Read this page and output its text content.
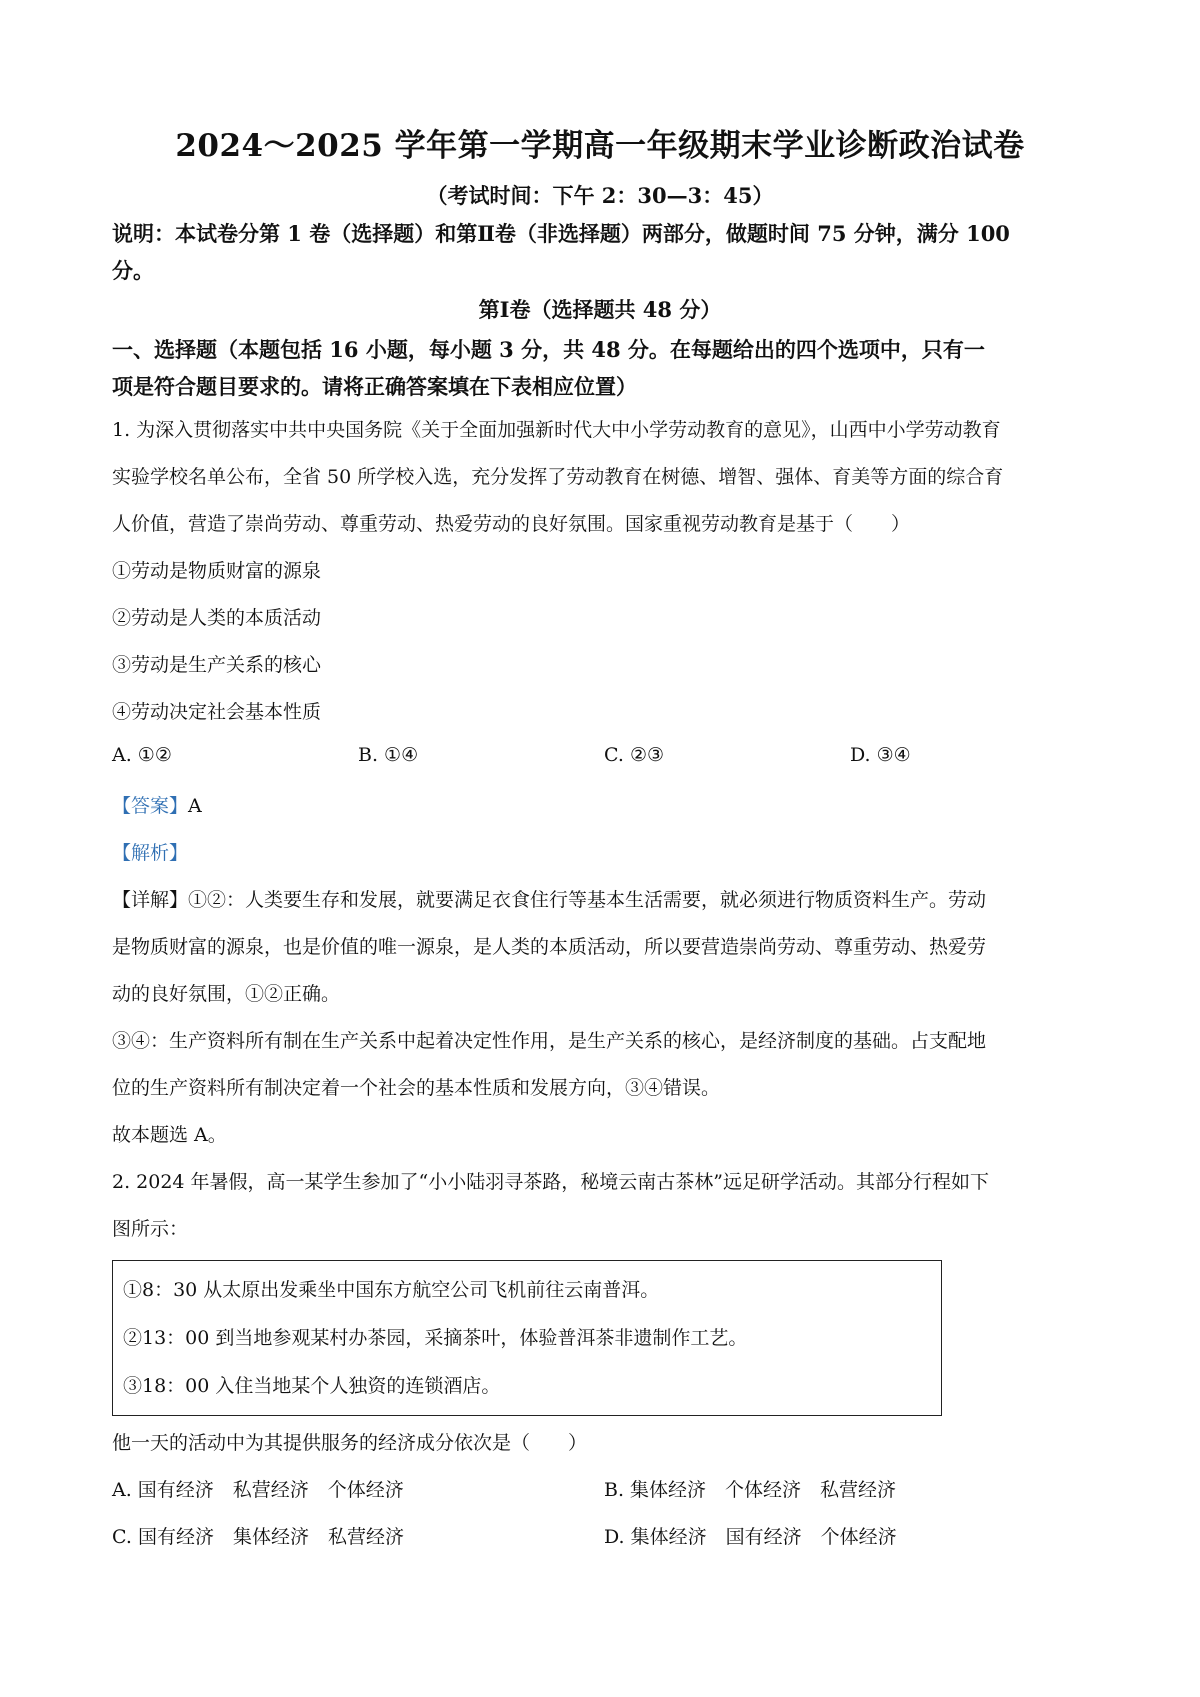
2024～2025 学年第一学期高一年级期末学业诊断政治试卷
（考试时间：下午 2：30—3：45）
说明：本试卷分第 1 卷（选择题）和第Ⅱ卷（非选择题）两部分，做题时间 75 分钟，满分 100
分。
第Ⅰ卷（选择题共 48 分）
一、选择题（本题包括 16 小题，每小题 3 分，共 48 分。在每题给出的四个选项中，只有一
项是符合题目要求的。请将正确答案填在下表相应位置）
1. 为深入贯彻落实中共中央国务院《关于全面加强新时代大中小学劳动教育的意见》，山西中小学劳动教育
实验学校名单公布，全省 50 所学校入选，充分发挥了劳动教育在树德、增智、强体、育美等方面的综合育
人价值，营造了崇尚劳动、尊重劳动、热爱劳动的良好氛围。国家重视劳动教育是基于（　　）
①劳动是物质财富的源泉
②劳动是人类的本质活动
③劳动是生产关系的核心
④劳动决定社会基本性质
A. ①②	B. ①④	C. ②③	D. ③④
【答案】A
【解析】
【详解】①②：人类要生存和发展，就要满足衣食住行等基本生活需要，就必须进行物质资料生产。劳动
是物质财富的源泉，也是价值的唯一源泉，是人类的本质活动，所以要营造崇尚劳动、尊重劳动、热爱劳
动的良好氛围，①②正确。
③④：生产资料所有制在生产关系中起着决定性作用，是生产关系的核心，是经济制度的基础。占支配地
位的生产资料所有制决定着一个社会的基本性质和发展方向，③④错误。
故本题选 A。
2. 2024 年暑假，高一某学生参加了“小小陆羽寻茶路，秘境云南古茶林”远足研学活动。其部分行程如下
图所示：
①8：30 从太原出发乘坐中国东方航空公司飞机前往云南普洱。
②13：00 到当地参观某村办茶园，采摘茶叶，体验普洱茶非遗制作工艺。
③18：00 入住当地某个人独资的连锁酒店。
他一天的活动中为其提供服务的经济成分依次是（　　）
A. 国有经济　私营经济　个体经济	B. 集体经济　个体经济　私营经济
C. 国有经济　集体经济　私营经济	D. 集体经济　国有经济　个体经济
